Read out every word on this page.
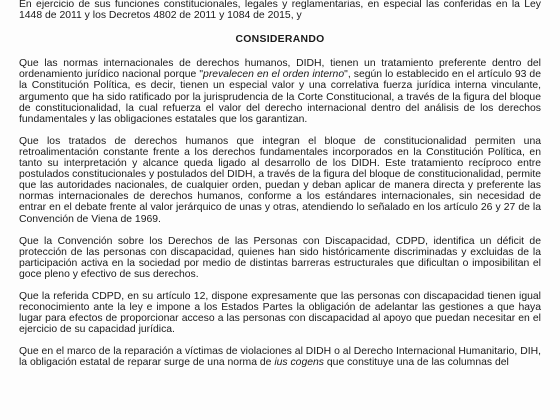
En ejercicio de sus funciones constitucionales, legales y reglamentarias, en especial las conferidas en la Ley 1448 de 2011 y los Decretos 4802 de 2011 y 1084 de 2015, y

CONSIDERANDO

Que las normas internacionales de derechos humanos, DIDH, tienen un tratamiento preferente dentro del ordenamiento jurídico nacional porque "prevalecen en el orden interno", según lo establecido en el artículo 93 de la Constitución Política, es decir, tienen un especial valor y una correlativa fuerza jurídica interna vinculante, argumento que ha sido ratificado por la jurisprudencia de la Corte Constitucional, a través de la figura del bloque de constitucionalidad, la cual refuerza el valor del derecho internacional dentro del análisis de los derechos fundamentales y las obligaciones estatales que los garantizan.

Que los tratados de derechos humanos que integran el bloque de constitucionalidad permiten una retroalimentación constante frente a los derechos fundamentales incorporados en la Constitución Política, en tanto su interpretación y alcance queda ligado al desarrollo de los DIDH. Este tratamiento recíproco entre postulados constitucionales y postulados del DIDH, a través de la figura del bloque de constitucionalidad, permite que las autoridades nacionales, de cualquier orden, puedan y deban aplicar de manera directa y preferente las normas internacionales de derechos humanos, conforme a los estándares internacionales, sin necesidad de entrar en el debate frente al valor jerárquico de unas y otras, atendiendo lo señalado en los artículo 26 y 27 de la Convención de Viena de 1969.

Que la Convención sobre los Derechos de las Personas con Discapacidad, CDPD, identifica un déficit de protección de las personas con discapacidad, quienes han sido históricamente discriminadas y excluidas de la participación activa en la sociedad por medio de distintas barreras estructurales que dificultan o imposibilitan el goce pleno y efectivo de sus derechos.

Que la referida CDPD, en su artículo 12, dispone expresamente que las personas con discapacidad tienen igual reconocimiento ante la ley e impone a los Estados Partes la obligación de adelantar las gestiones a que haya lugar para efectos de proporcionar acceso a las personas con discapacidad al apoyo que puedan necesitar en el ejercicio de su capacidad jurídica.

Que en el marco de la reparación a víctimas de violaciones al DIDH o al Derecho Internacional Humanitario, DIH, la obligación estatal de reparar surge de una norma de ius cogens que constituye una de las columnas del
